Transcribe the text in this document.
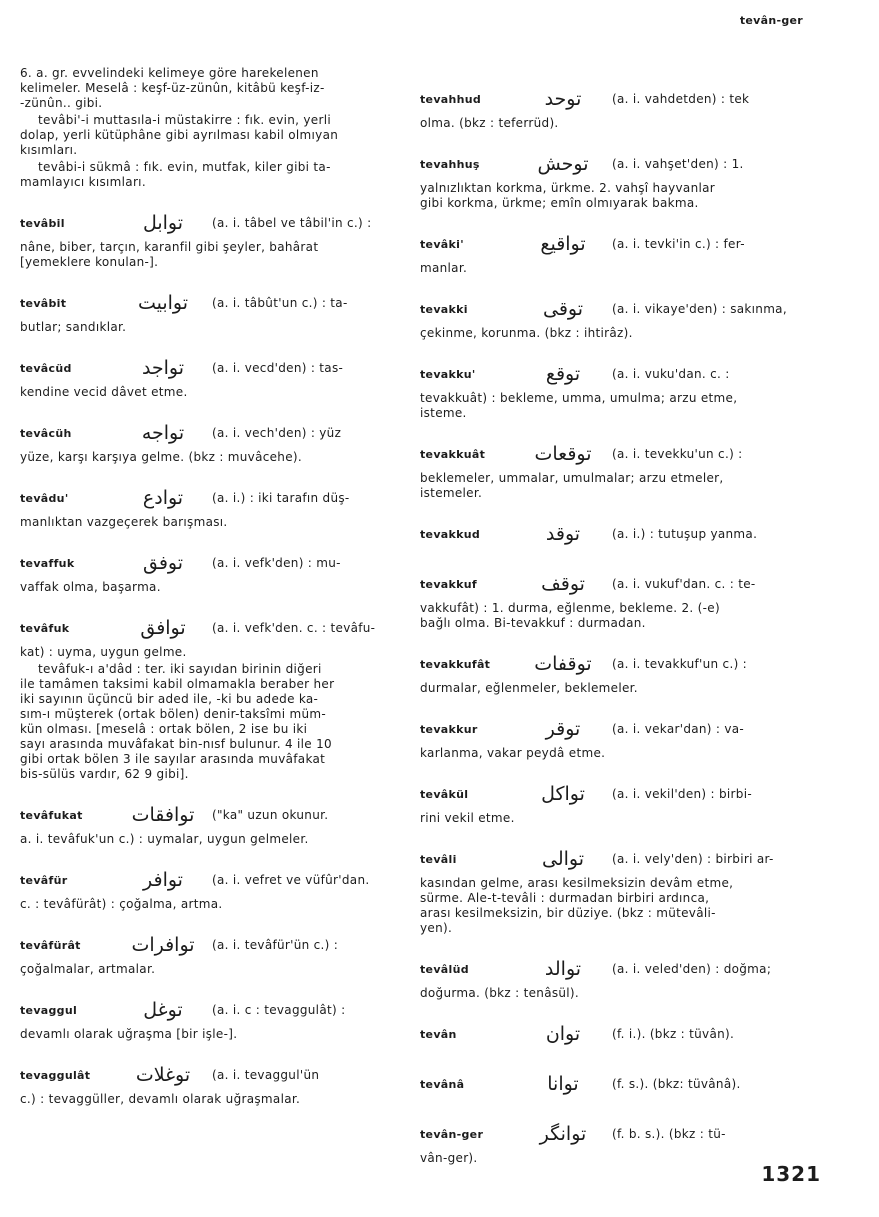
tevân-ger
6. a. gr. evvelindeki kelimeye göre harekelenen
kelimeler. Meselâ : keşf-üz-zünûn, kitâbü keşf-iz-
-zünûn.. gibi.
tevâbi'-i muttasıla-i müstakirre : fık. evin, yerli
dolap, yerli kütüphâne gibi ayrılması kabil olmıyan
kısımları.
tevâbi-i sükmâ : fık. evin, mutfak, kiler gibi ta-
mamlayıcı kısımları.
tevâbil	توابل	(a. i. tâbel ve tâbil'in c.) :
nâne, biber, tarçın, karanfil gibi şeyler, bahârat
[yemeklere konulan-].
tevâbit	توابيت	(a. i. tâbût'un c.) : ta-
butlar; sandıklar.
tevâcüd	تواجد	(a. i. vecd'den) : tas-
kendine vecid dâvet etme.
tevâcüh	تواجه	(a. i. vech'den) : yüz
yüze, karşı karşıya gelme. (bkz : muvâcehe).
tevâdu'	توادع	(a. i.) : iki tarafın düş-
manlıktan vazgeçerek barışması.
tevaffuk	توفق	(a. i. vefk'den) : mu-
vaffak olma, başarma.
tevâfuk	توافق	(a. i. vefk'den. c. : tevâfu-
kat) : uyma, uygun gelme.
tevâfuk-ı a'dâd : ter. iki sayıdan birinin diğeri
ile tamâmen taksimi kabil olmamakla beraber her
iki sayının üçüncü bir aded ile, -ki bu adede ka-
sım-ı müşterek (ortak bölen) denir-taksîmi müm-
kün olması. [meselâ : ortak bölen, 2 ise bu iki
sayı arasında muvâfakat bin-nısf bulunur. 4 ile 10
gibi ortak bölen 3 ile sayılar arasında muvâfakat
bis-sülüs vardır, 62 9 gibi].
tevâfukat	توافقات	("ka" uzun okunur.
a. i. tevâfuk'un c.) : uymalar, uygun gelmeler.
tevâfür	توافر	(a. i. vefret ve vüfûr'dan.
c. : tevâfürât) : çoğalma, artma.
tevâfürât	توافرات	(a. i. tevâfür'ün c.) :
çoğalmalar, artmalar.
tevaggul	توغل	(a. i. c : tevaggulât) :
devamlı olarak uğraşma [bir işle-].
tevaggulât	توغلات	(a. i. tevaggul'ün
c.) : tevaggüller, devamlı olarak uğraşmalar.
tevahhud	توحد	(a. i. vahdetden) : tek
olma. (bkz : teferrüd).
tevahhuş	توحش	(a. i. vahşet'den) : 1.
yalnızlıktan korkma, ürkme. 2. vahşî hayvanlar
gibi korkma, ürkme; emîn olmıyarak bakma.
tevâki'	تواقيع	(a. i. tevki'in c.) : fer-
manlar.
tevakki	توقى	(a. i. vikaye'den) : sakınma,
çekinme, korunma. (bkz : ihtirâz).
tevakku'	توقع	(a. i. vuku'dan. c. :
tevakkuât) : bekleme, umma, umulma; arzu etme,
isteme.
tevakkuât	توقعات	(a. i. tevekku'un c.) :
beklemeler, ummalar, umulmalar; arzu etmeler,
istemeler.
tevakkud	توقد	(a. i.) : tutuşup yanma.
tevakkuf	توقف	(a. i. vukuf'dan. c. : te-
vakkufât) : 1. durma, eğlenme, bekleme. 2. (-e)
bağlı olma. Bi-tevakkuf : durmadan.
tevakkufât	توقفات	(a. i. tevakkuf'un c.) :
durmalar, eğlenmeler, beklemeler.
tevakkur	توقر	(a. i. vekar'dan) : va-
karlanma, vakar peydâ etme.
tevâkül	تواكل	(a. i. vekil'den) : birbi-
rini vekil etme.
tevâli	توالى	(a. i. vely'den) : birbiri ar-
kasından gelme, arası kesilmeksizin devâm etme,
sürme. Ale-t-tevâli : durmadan birbiri ardınca,
arası kesilmeksizin, bir düziye. (bkz : mütevâli-
yen).
tevâlüd	توالد	(a. i. veled'den) : doğma;
doğurma. (bkz : tenâsül).
tevân	توان	(f. i.). (bkz : tüvân).
tevânâ	توانا	(f. s.). (bkz: tüvânâ).
tevân-ger	توانگر	(f. b. s.). (bkz : tü-
vân-ger).
1321
